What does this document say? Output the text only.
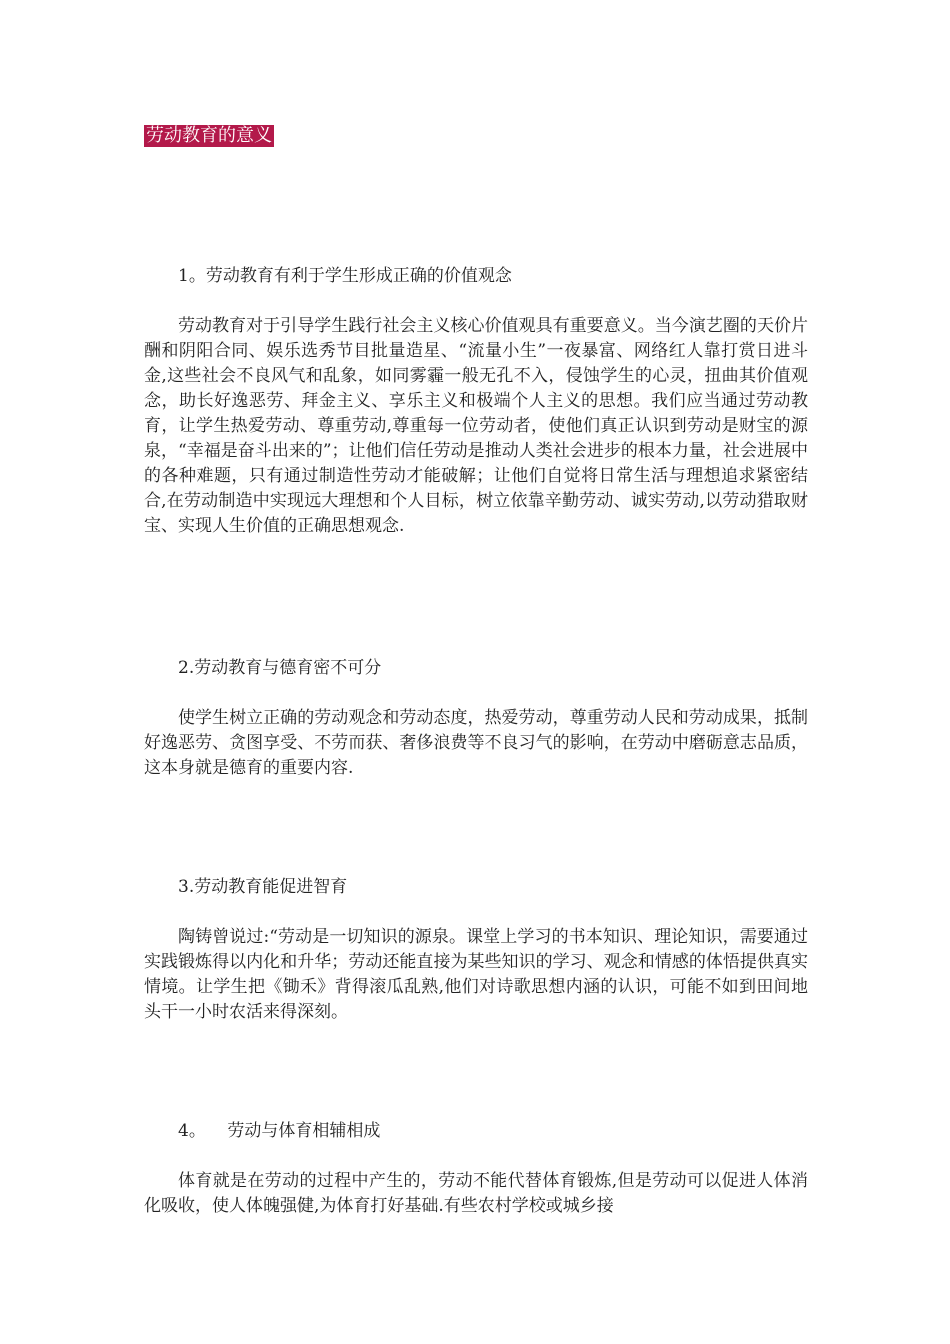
劳动教育的意义
1。劳动教育有利于学生形成正确的价值观念
劳动教育对于引导学生践行社会主义核心价值观具有重要意义。当今演艺圈的天价片酬和阴阳合同、娱乐选秀节目批量造星、“流量小生”一夜暴富、网络红人靠打赏日进斗金,这些社会不良风气和乱象，如同雾霾一般无孔不入，侵蚀学生的心灵，扭曲其价值观念，助长好逸恶劳、拜金主义、享乐主义和极端个人主义的思想。我们应当通过劳动教育，让学生热爱劳动、尊重劳动,尊重每一位劳动者，使他们真正认识到劳动是财宝的源泉，“幸福是奋斗出来的”；让他们信任劳动是推动人类社会进步的根本力量，社会进展中的各种难题，只有通过制造性劳动才能破解；让他们自觉将日常生活与理想追求紧密结合,在劳动制造中实现远大理想和个人目标，树立依靠辛勤劳动、诚实劳动,以劳动猎取财宝、实现人生价值的正确思想观念.
2.劳动教育与德育密不可分
使学生树立正确的劳动观念和劳动态度，热爱劳动，尊重劳动人民和劳动成果，抵制好逸恶劳、贪图享受、不劳而获、奢侈浪费等不良习气的影响，在劳动中磨砺意志品质，这本身就是德育的重要内容.
3.劳动教育能促进智育
陶铸曾说过:“劳动是一切知识的源泉。课堂上学习的书本知识、理论知识，需要通过实践锻炼得以内化和升华；劳动还能直接为某些知识的学习、观念和情感的体悟提供真实情境。让学生把《锄禾》背得滚瓜乱熟,他们对诗歌思想内涵的认识，可能不如到田间地头干一小时农活来得深刻。
4。    劳动与体育相辅相成
体育就是在劳动的过程中产生的，劳动不能代替体育锻炼,但是劳动可以促进人体消化吸收，使人体魄强健,为体育打好基础.有些农村学校或城乡接
